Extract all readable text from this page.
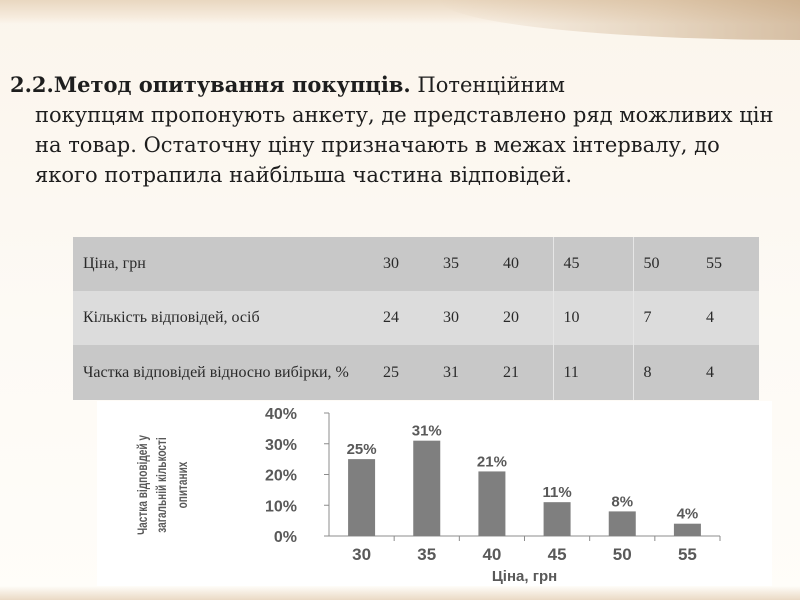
2.2.Метод опитування покупців. Потенційним
покупцям пропонують анкету, де представлено ряд можливих цін на товар. Остаточну ціну призначають в межах інтервалу, до якого потрапила найбільша частина відповідей.

Ціна, грн	30	35	40	45	50	55
Кількість відповідей, осіб	24	30	20	10	7	4

Частка відповідей відносно вибірки, %	25	31	21	11	8	4
Частка відповідей у загальній кількості опитаних
0%
10%
20%
30%
40%
25%
30
31%
35
21%
40
11%
45
8%
50
4%
55
Ціна, грн
